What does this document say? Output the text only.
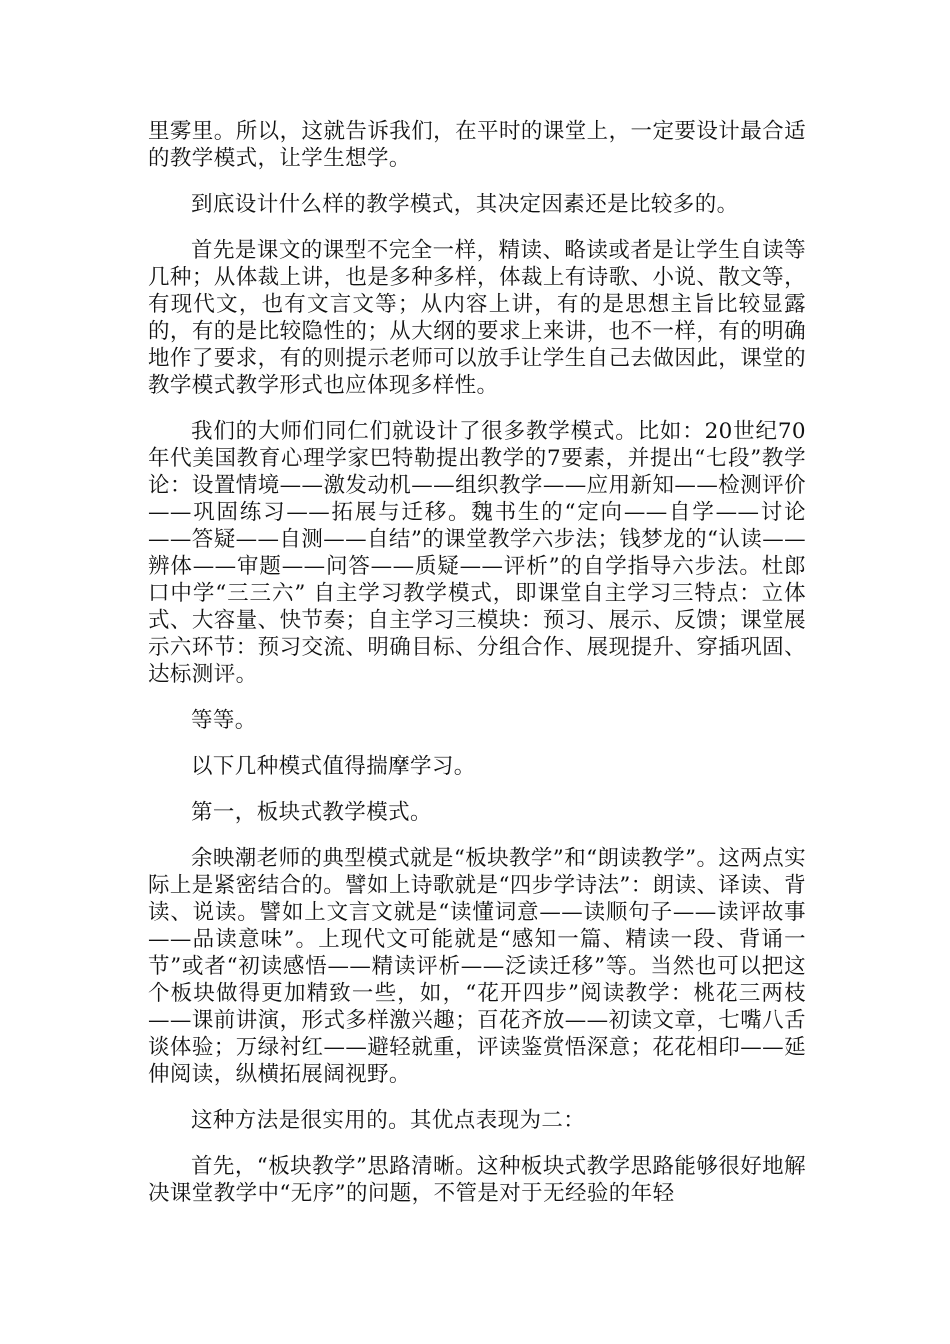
里雾里。所以，这就告诉我们，在平时的课堂上，一定要设计最合适的教学模式，让学生想学。

到底设计什么样的教学模式，其决定因素还是比较多的。

首先是课文的课型不完全一样，精读、略读或者是让学生自读等几种；从体裁上讲，也是多种多样，体裁上有诗歌、小说、散文等，有现代文，也有文言文等；从内容上讲，有的是思想主旨比较显露的，有的是比较隐性的；从大纲的要求上来讲，也不一样，有的明确地作了要求，有的则提示老师可以放手让学生自己去做因此，课堂的教学模式教学形式也应体现多样性。

我们的大师们同仁们就设计了很多教学模式。比如：20世纪70年代美国教育心理学家巴特勒提出教学的7要素，并提出“七段”教学论：设置情境——激发动机——组织教学——应用新知——检测评价——巩固练习——拓展与迁移。魏书生的“定向——自学——讨论——答疑——自测——自结”的课堂教学六步法；钱梦龙的“认读——辨体——审题——问答——质疑——评析”的自学指导六步法。杜郎口中学“三三六” 自主学习教学模式，即课堂自主学习三特点：立体式、大容量、快节奏；自主学习三模块：预习、展示、反馈；课堂展示六环节：预习交流、明确目标、分组合作、展现提升、穿插巩固、达标测评。

等等。

以下几种模式值得揣摩学习。

第一，板块式教学模式。

余映潮老师的典型模式就是“板块教学”和“朗读教学”。这两点实际上是紧密结合的。譬如上诗歌就是“四步学诗法”：朗读、译读、背读、说读。譬如上文言文就是“读懂词意——读顺句子——读评故事——品读意味”。上现代文可能就是“感知一篇、精读一段、背诵一节”或者“初读感悟——精读评析——泛读迁移”等。当然也可以把这个板块做得更加精致一些，如，“花开四步”阅读教学：桃花三两枝——课前讲演，形式多样激兴趣；百花齐放——初读文章，七嘴八舌谈体验；万绿衬红——避轻就重，评读鉴赏悟深意；花花相印——延伸阅读，纵横拓展阔视野。

这种方法是很实用的。其优点表现为二：

首先，“板块教学”思路清晰。这种板块式教学思路能够很好地解决课堂教学中“无序”的问题，不管是对于无经验的年轻
